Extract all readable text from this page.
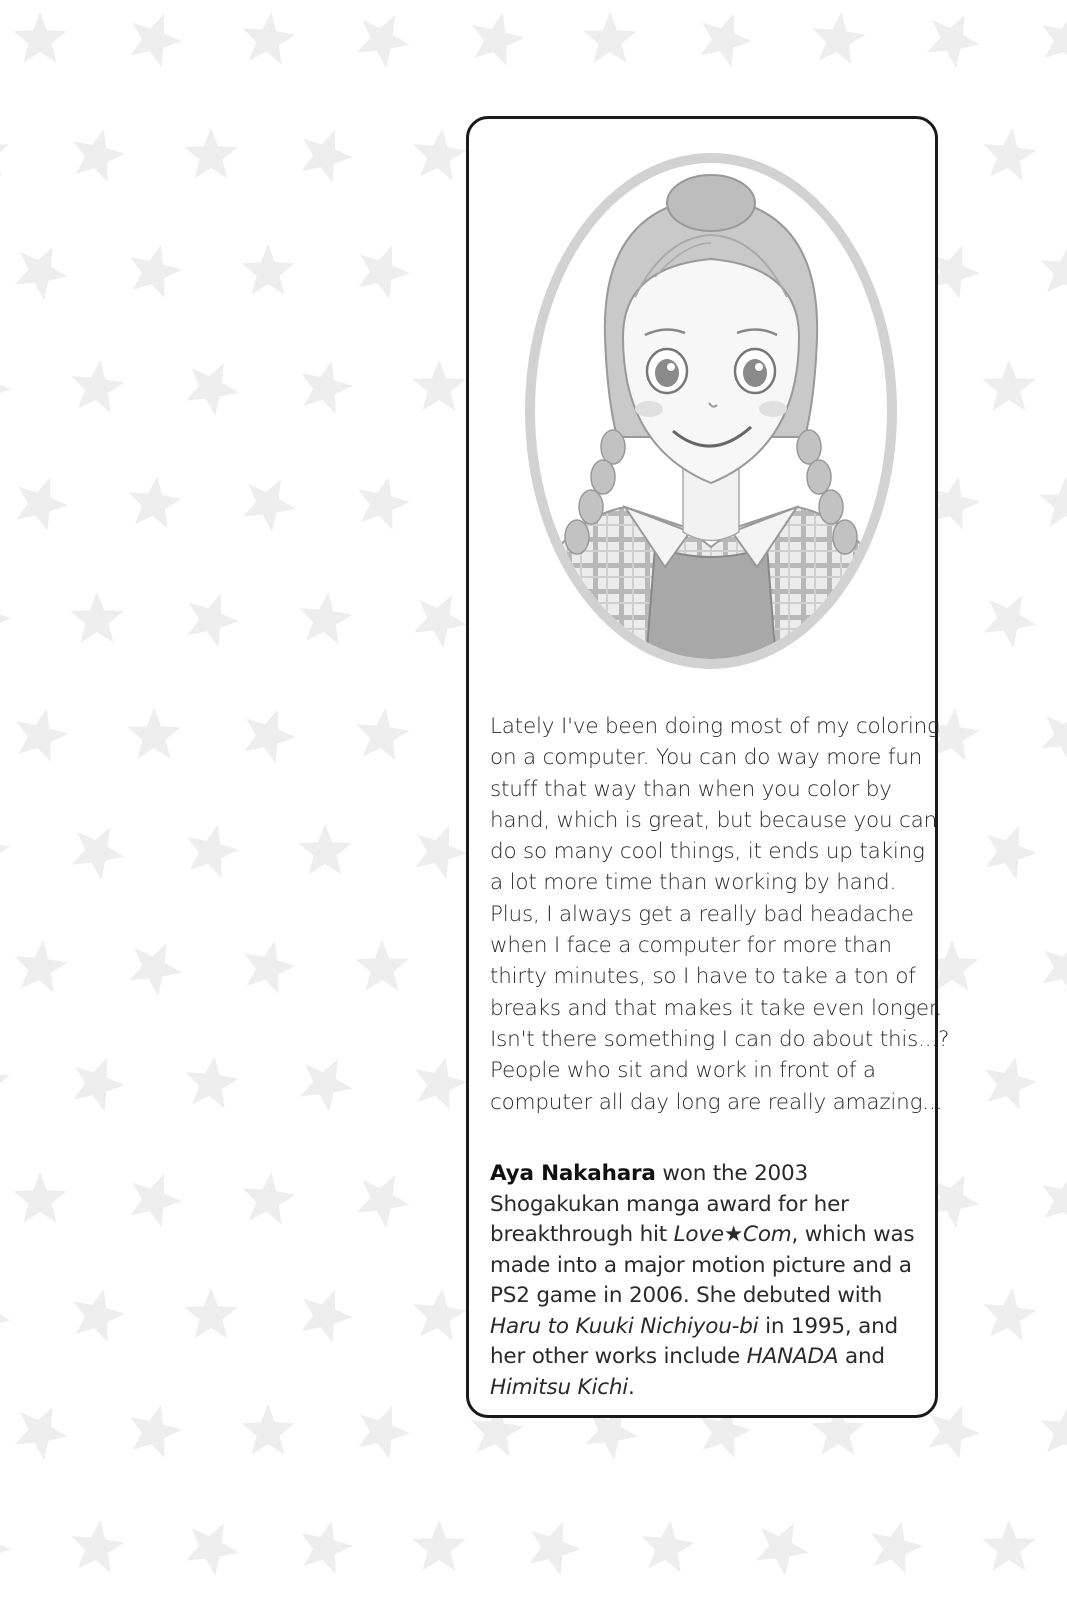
Lately I've been doing most of my coloring
on a computer. You can do way more fun
stuff that way than when you color by
hand, which is great, but because you can
do so many cool things, it ends up taking
a lot more time than working by hand.
Plus, I always get a really bad headache
when I face a computer for more than
thirty minutes, so I have to take a ton of
breaks and that makes it take even longer.
Isn't there something I can do about this...?
People who sit and work in front of a
computer all day long are really amazing...
Aya Nakahara won the 2003
Shogakukan manga award for her
breakthrough hit Love★Com, which was
made into a major motion picture and a
PS2 game in 2006. She debuted with
Haru to Kuuki Nichiyou-bi in 1995, and
her other works include HANADA and
Himitsu Kichi.
